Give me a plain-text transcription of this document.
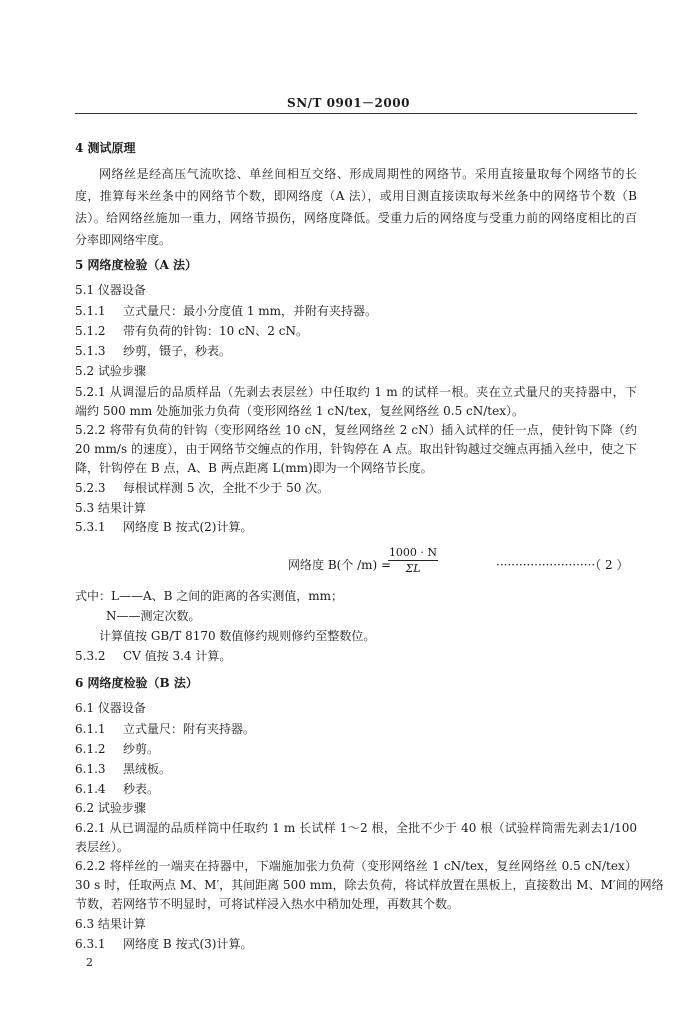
SN/T 0901－2000
4 测试原理
网络丝是经高压气流吹捻、单丝间相互交络、形成周期性的网络节。采用直接量取每个网络节的长
度，推算每米丝条中的网络节个数，即网络度（A 法），或用目测直接读取每米丝条中的网络节个数（B
法）。给网络丝施加一重力，网络节损伤，网络度降低。受重力后的网络度与受重力前的网络度相比的百
分率即网络牢度。
5 网络度检验（A 法）
5.1 仪器设备
5.1.1 立式量尺：最小分度值 1 mm，并附有夹持器。
5.1.2 带有负荷的针钩：10 cN、2 cN。
5.1.3 纱剪，镊子，秒表。
5.2 试验步骤
5.2.1 从调湿后的品质样品（先剥去表层丝）中任取约 1 m 的试样一根。夹在立式量尺的夹持器中，下
端约 500 mm 处施加张力负荷（变形网络丝 1 cN/tex，复丝网络丝 0.5 cN/tex）。
5.2.2 将带有负荷的针钩（变形网络丝 10 cN，复丝网络丝 2 cN）插入试样的任一点，使针钩下降（约
20 mm/s 的速度），由于网络节交缠点的作用，针钩停在 A 点。取出针钩越过交缠点再插入丝中，使之下
降，针钩停在 B 点，A、B 两点距离 L(mm)即为一个网络节长度。
5.2.3 每根试样测 5 次，全批不少于 50 次。
5.3 结果计算
5.3.1 网络度 B 按式(2)计算。
网络度 B(个 /m) =
$\frac{1000 \cdot N}{\Sigma L}$	··························（ 2 ）
式中：L——A、B 之间的距离的各实测值，mm；
N——测定次数。
计算值按 GB/T 8170 数值修约规则修约至整数位。
5.3.2 CV 值按 3.4 计算。
6 网络度检验（B 法）
6.1 仪器设备
6.1.1 立式量尺：附有夹持器。
6.1.2 纱剪。
6.1.3 黑绒板。
6.1.4 秒表。
6.2 试验步骤
6.2.1 从已调湿的品质样筒中任取约 1 m 长试样 1～2 根，全批不少于 40 根（试验样筒需先剥去1/100
表层丝）。
6.2.2 将样丝的一端夹在持器中，下端施加张力负荷（变形网络丝 1 cN/tex，复丝网络丝 0.5 cN/tex）
30 s 时，任取两点 M、M′，其间距离 500 mm，除去负荷，将试样放置在黑板上，直接数出 M、M′间的网络
节数，若网络节不明显时，可将试样浸入热水中稍加处理，再数其个数。
6.3 结果计算
6.3.1 网络度 B 按式(3)计算。
2
